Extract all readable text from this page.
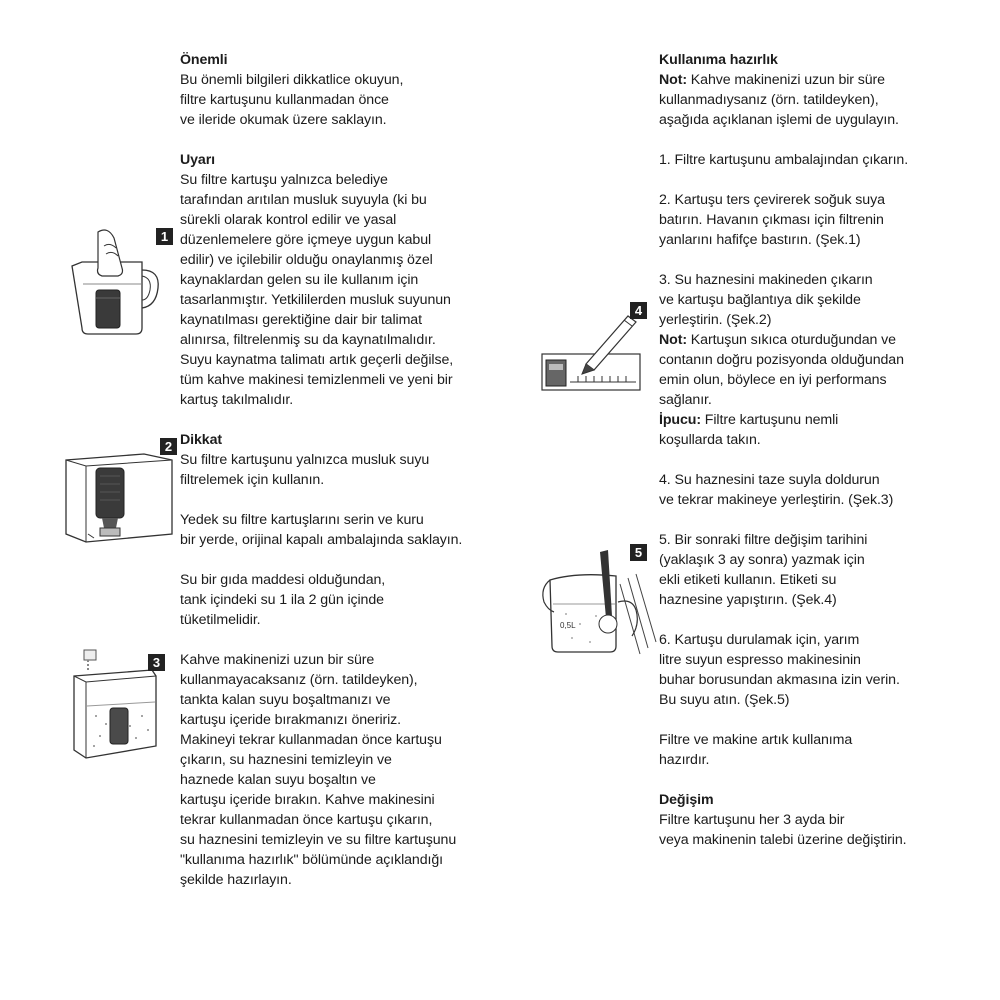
Önemli

Bu önemli bilgileri dikkatlice okuyun,

filtre kartuşunu kullanmadan önce

ve ileride okumak üzere saklayın.

Uyarı

Su filtre kartuşu yalnızca belediye

tarafından arıtılan musluk suyuyla (ki bu

sürekli olarak kontrol edilir ve yasal

düzenlemelere göre içmeye uygun kabul

edilir) ve içilebilir olduğu onaylanmış özel

kaynaklardan gelen su ile kullanım için

tasarlanmıştır. Yetkililerden musluk suyunun

kaynatılması gerektiğine dair bir talimat

alınırsa, filtrelenmiş su da kaynatılmalıdır.

Suyu kaynatma talimatı artık geçerli değilse,

tüm kahve makinesi temizlenmeli ve yeni bir

kartuş takılmalıdır.

Dikkat

Su filtre kartuşunu yalnızca musluk suyu

filtrelemek için kullanın.

Yedek su filtre kartuşlarını serin ve kuru

bir yerde, orijinal kapalı ambalajında saklayın.

Su bir gıda maddesi olduğundan,

tank içindeki su 1 ila 2 gün içinde

tüketilmelidir.

Kahve makinenizi uzun bir süre

kullanmayacaksanız (örn. tatildeyken),

tankta kalan suyu boşaltmanızı ve

kartuşu içeride bırakmanızı öneririz.

Makineyi tekrar kullanmadan önce kartuşu

çıkarın, su haznesini temizleyin ve

haznede kalan suyu boşaltın ve

kartuşu içeride bırakın. Kahve makinesini

tekrar kullanmadan önce kartuşu çıkarın,

su haznesini temizleyin ve su filtre kartuşunu

"kullanıma hazırlık" bölümünde açıklandığı

şekilde hazırlayın.

Kullanıma hazırlık

Not: Kahve makinenizi uzun bir süre

kullanmadıysanız (örn. tatildeyken),

aşağıda açıklanan işlemi de uygulayın.

1. Filtre kartuşunu ambalajından çıkarın.

2. Kartuşu ters çevirerek soğuk suya

batırın. Havanın çıkması için filtrenin

yanlarını hafifçe bastırın. (Şek.1)

3. Su haznesini makineden çıkarın

ve kartuşu bağlantıya dik şekilde

yerleştirin. (Şek.2)

Not: Kartuşun sıkıca oturduğundan ve

contanın doğru pozisyonda olduğundan

emin olun, böylece en iyi performans

sağlanır.

İpucu: Filtre kartuşunu nemli

koşullarda takın.

4. Su haznesini taze suyla doldurun

ve tekrar makineye yerleştirin. (Şek.3)

5. Bir sonraki filtre değişim tarihini

(yaklaşık 3 ay sonra) yazmak için

ekli etiketi kullanın. Etiketi su

haznesine yapıştırın. (Şek.4)

6. Kartuşu durulamak için, yarım

litre suyun espresso makinesinin

buhar borusundan akmasına izin verin.

Bu suyu atın. (Şek.5)

Filtre ve makine artık kullanıma

hazırdır.

Değişim

Filtre kartuşunu her 3 ayda bir

veya makinenin talebi üzerine değiştirin.

1
2
3
4
0,5L
5
